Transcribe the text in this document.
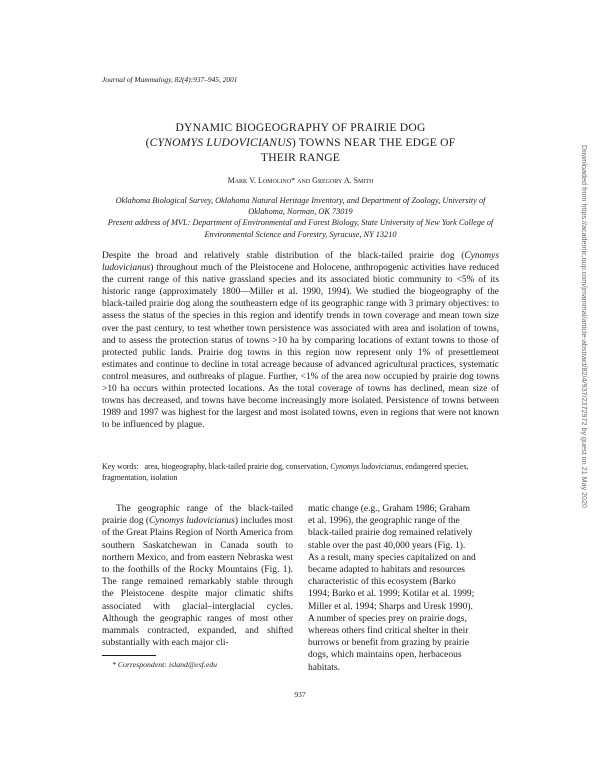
Journal of Mammalogy, 82(4):937–945, 2001
DYNAMIC BIOGEOGRAPHY OF PRAIRIE DOG
(CYNOMYS LUDOVICIANUS) TOWNS NEAR THE EDGE OF
THEIR RANGE
Mark V. Lomolino* and Gregory A. Smith

Oklahoma Biological Survey, Oklahoma Natural Heritage Inventory, and Department of Zoology, University of Oklahoma, Norman, OK 73019

Present address of MVL: Department of Environmental and Forest Biology, State University of New York College of Environmental Science and Forestry, Syracuse, NY 13210

Despite the broad and relatively stable distribution of the black-tailed prairie dog (Cynomys ludovicianus) throughout much of the Pleistocene and Holocene, anthropogenic activities have reduced the current range of this native grassland species and its associated biotic community to <5% of its historic range (approximately 1800—Miller et al. 1990, 1994). We studied the biogeography of the black-tailed prairie dog along the southeastern edge of its geographic range with 3 primary objectives: to assess the status of the species in this region and identify trends in town coverage and mean town size over the past century, to test whether town persistence was associated with area and isolation of towns, and to assess the protection status of towns >10 ha by comparing locations of extant towns to those of protected public lands. Prairie dog towns in this region now represent only 1% of presettlement estimates and continue to decline in total acreage because of advanced agricultural practices, systematic control measures, and outbreaks of plague. Further, <1% of the area now occupied by prairie dog towns >10 ha occurs within protected locations. As the total coverage of towns has declined, mean size of towns has decreased, and towns have become increasingly more isolated. Persistence of towns between 1989 and 1997 was highest for the largest and most isolated towns, even in regions that were not known to be influenced by plague.

Key words: area, biogeography, black-tailed prairie dog, conservation, Cynomys ludovicianus, endangered species, fragmentation, isolation

The geographic range of the black-tailed prairie dog (Cynomys ludovicianus) includes most of the Great Plains Region of North America from southern Saskatchewan in Canada south to northern Mexico, and from eastern Nebraska west to the foothills of the Rocky Mountains (Fig. 1). The range remained remarkably stable through the Pleistocene despite major climatic shifts associated with glacial–interglacial cycles. Although the geographic ranges of most other mammals contracted, expanded, and shifted substantially with each major cli-

matic change (e.g., Graham 1986; Graham
et al. 1996), the geographic range of the
black-tailed prairie dog remained relatively
stable over the past 40,000 years (Fig. 1).
As a result, many species capitalized on and
became adapted to habitats and resources
characteristic of this ecosystem (Barko
1994; Barko et al. 1999; Kotilar et al. 1999;
Miller et al. 1994; Sharps and Uresk 1990).
A number of species prey on prairie dogs,
whereas others find critical shelter in their
burrows or benefit from grazing by prairie
dogs, which maintains open, herbaceous
habitats.
* Correspondent: island@esf.edu
937
Downloaded from https://academic.oup.com/jmammal/article-abstract/82/4/937/2372972 by guest on 21 May 2020
